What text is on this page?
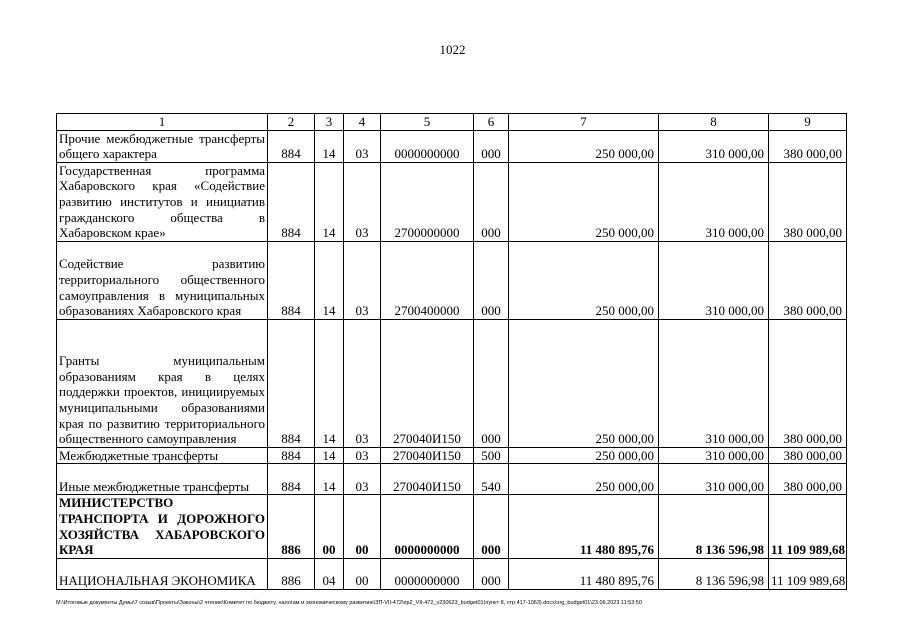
1022
1	2	3	4	5	6	7	8	9
Прочие межбюджетные трансферты общего характера	884	14	03	0000000000	000	250 000,00	310 000,00	380 000,00
Государственная программа Хабаровского края «Содействие развитию институтов и инициатив гражданского общества в Хабаровском крае»	884	14	03	2700000000	000	250 000,00	310 000,00	380 000,00
Содействие развитию территориального общественного самоуправления в муниципальных образованиях Хабаровского края	884	14	03	2700400000	000	250 000,00	310 000,00	380 000,00
Гранты муниципальным образованиям края в целях поддержки проектов, инициируемых муниципальными образованиями края по развитию территориального общественного самоуправления	884	14	03	270040И150	000	250 000,00	310 000,00	380 000,00
Межбюджетные трансферты	884	14	03	270040И150	500	250 000,00	310 000,00	380 000,00
Иные межбюджетные трансферты	884	14	03	270040И150	540	250 000,00	310 000,00	380 000,00
МИНИСТЕРСТВО ТРАНСПОРТА И ДОРОЖНОГО ХОЗЯЙСТВА ХАБАРОВСКОГО КРАЯ	886	00	00	0000000000	000	11 480 895,76	8 136 596,98	11 109 989,68
НАЦИОНАЛЬНАЯ ЭКОНОМИКА	886	04	00	0000000000	000	11 480 895,76	8 136 596,98	11 109 989,68
M:\Итоговые документы Думы\7 созыв\Проекты\Законы\2 чтение\Комитет по бюджету, налогам и экономическому развитию\ЗП-VII-472\пр2_VII-472_v230623_budget01(пункт 8, стр.417-1063).docx\org_budget01\23.06.2023 11:53:50
